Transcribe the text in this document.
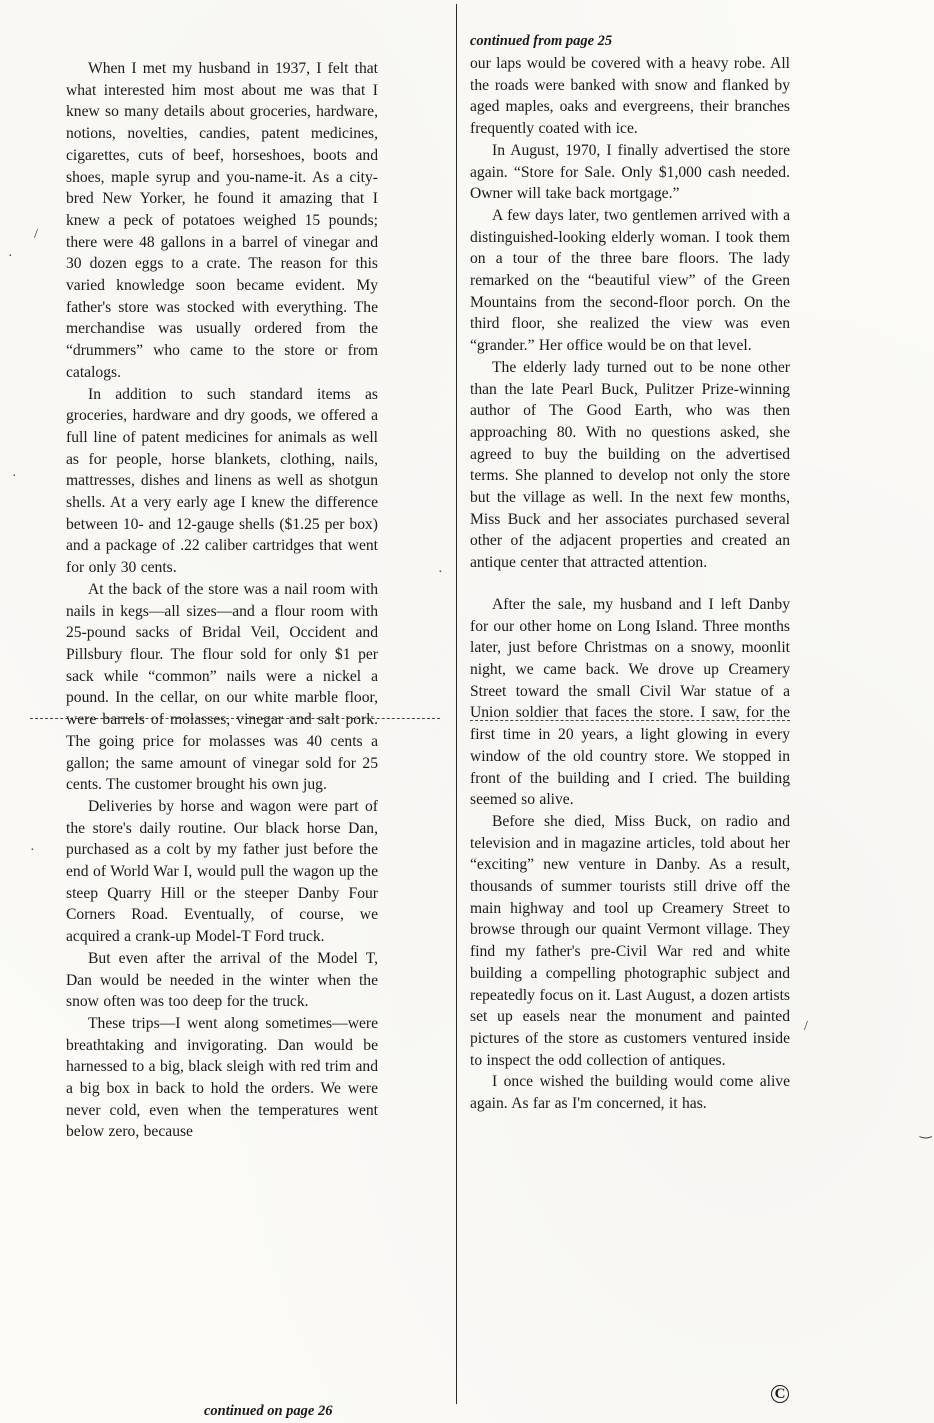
·
/
·
·
‿
·
/

When I met my husband in 1937, I felt that what interested him most about me was that I knew so many details about groceries, hardware, notions, novelties, candies, patent medicines, cigarettes, cuts of beef, horseshoes, boots and shoes, maple syrup and you-name-it. As a city-bred New Yorker, he found it amazing that I knew a peck of potatoes weighed 15 pounds; there were 48 gallons in a barrel of vinegar and 30 dozen eggs to a crate. The reason for this varied knowledge soon became evident. My father's store was stocked with everything. The merchandise was usually ordered from the “drummers” who came to the store or from catalogs.

In addition to such standard items as groceries, hardware and dry goods, we offered a full line of patent medicines for animals as well as for people, horse blankets, clothing, nails, mattresses, dishes and linens as well as shotgun shells. At a very early age I knew the difference between 10- and 12-gauge shells ($1.25 per box) and a package of .22 caliber cartridges that went for only 30 cents.

At the back of the store was a nail room with nails in kegs—all sizes—and a flour room with 25-pound sacks of Bridal Veil, Occident and Pillsbury flour. The flour sold for only $1 per sack while “common” nails were a nickel a pound. In the cellar, on our white marble floor, were barrels of molasses, vinegar and salt pork. The going price for molasses was 40 cents a gallon; the same amount of vinegar sold for 25 cents. The customer brought his own jug.

Deliveries by horse and wagon were part of the store's daily routine. Our black horse Dan, purchased as a colt by my father just before the end of World War I, would pull the wagon up the steep Quarry Hill or the steeper Danby Four Corners Road. Eventually, of course, we acquired a crank-up Model-T Ford truck.

But even after the arrival of the Model T, Dan would be needed in the winter when the snow often was too deep for the truck.

These trips—I went along sometimes—were breathtaking and invigorating. Dan would be harnessed to a big, black sleigh with red trim and a big box in back to hold the orders. We were never cold, even when the temperatures went below zero, because

continued on page 26

continued from page 25

our laps would be covered with a heavy robe. All the roads were banked with snow and flanked by aged maples, oaks and evergreens, their branches frequently coated with ice.

In August, 1970, I finally advertised the store again. “Store for Sale. Only $1,000 cash needed. Owner will take back mortgage.”

A few days later, two gentlemen arrived with a distinguished-looking elderly woman. I took them on a tour of the three bare floors. The lady remarked on the “beautiful view” of the Green Mountains from the second-floor porch. On the third floor, she realized the view was even “grander.” Her office would be on that level.

The elderly lady turned out to be none other than the late Pearl Buck, Pulitzer Prize-winning author of The Good Earth, who was then approaching 80. With no questions asked, she agreed to buy the building on the advertised terms. She planned to develop not only the store but the village as well. In the next few months, Miss Buck and her associates purchased several other of the adjacent properties and created an antique center that attracted attention.

After the sale, my husband and I left Danby for our other home on Long Island. Three months later, just before Christmas on a snowy, moonlit night, we came back. We drove up Creamery Street toward the small Civil War statue of a Union soldier that faces the store. I saw, for the first time in 20 years, a light glowing in every window of the old country store. We stopped in front of the building and I cried. The building seemed so alive.

Before she died, Miss Buck, on radio and television and in magazine articles, told about her “exciting” new venture in Danby. As a result, thousands of summer tourists still drive off the main highway and tool up Creamery Street to browse through our quaint Vermont village. They find my father's pre-Civil War red and white building a compelling photographic subject and repeatedly focus on it. Last August, a dozen artists set up easels near the monument and painted pictures of the store as customers ventured inside to inspect the odd collection of antiques.

I once wished the building would come alive again. As far as I'm concerned, it has.

C
